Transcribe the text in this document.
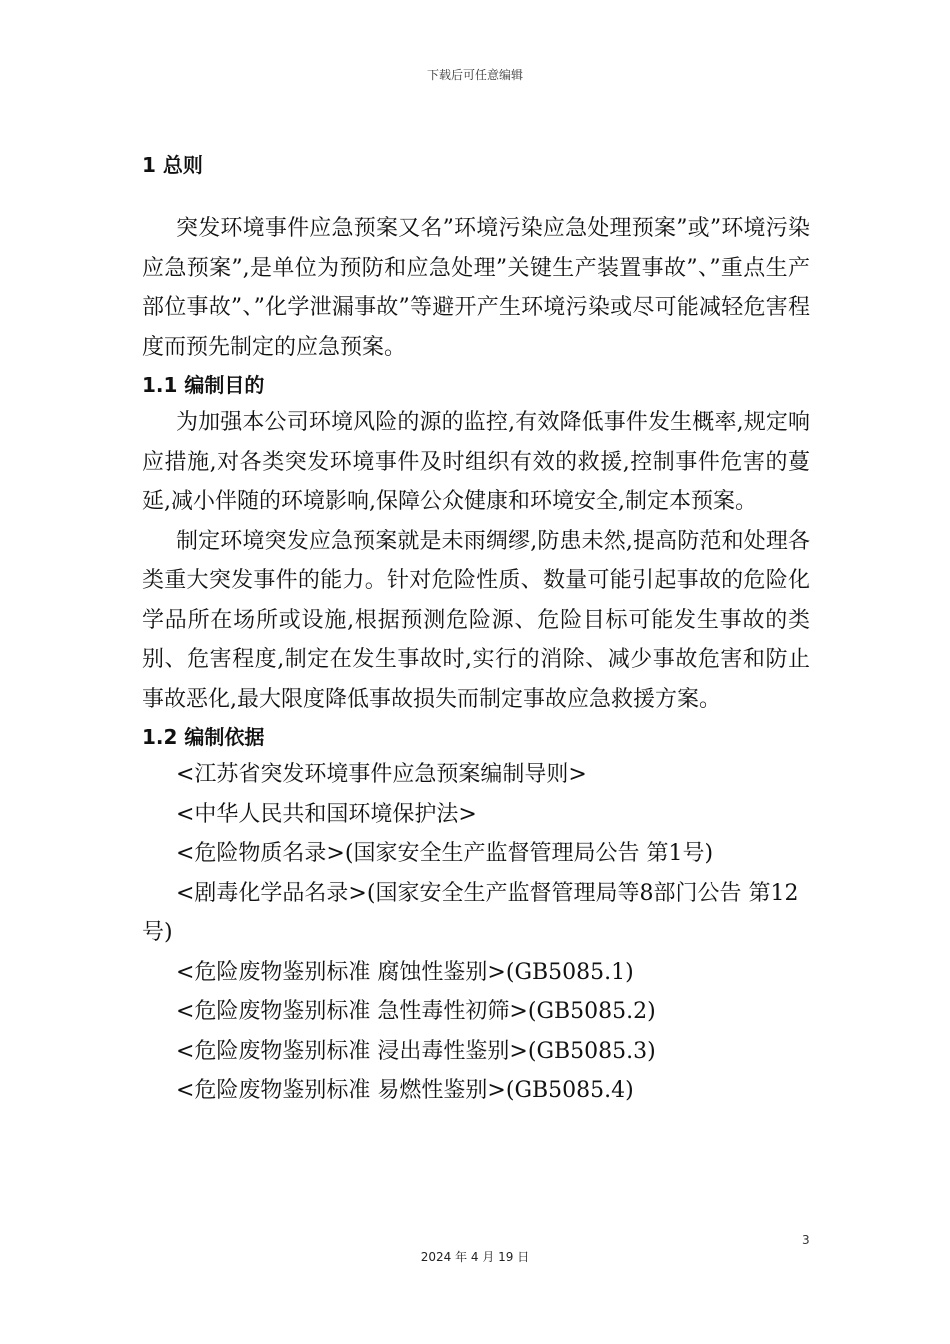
下载后可任意编辑
1 总则

突发环境事件应急预案又名”环境污染应急处理预案”或”环境污染应急预案”,是单位为预防和应急处理”关键生产装置事故”、”重点生产部位事故”、”化学泄漏事故”等避开产生环境污染或尽可能减轻危害程度而预先制定的应急预案。

1.1 编制目的

为加强本公司环境风险的源的监控,有效降低事件发生概率,规定响应措施,对各类突发环境事件及时组织有效的救援,控制事件危害的蔓延,减小伴随的环境影响,保障公众健康和环境安全,制定本预案。

制定环境突发应急预案就是未雨绸缪,防患未然,提高防范和处理各类重大突发事件的能力。针对危险性质、数量可能引起事故的危险化学品所在场所或设施,根据预测危险源、危险目标可能发生事故的类别、危害程度,制定在发生事故时,实行的消除、减少事故危害和防止事故恶化,最大限度降低事故损失而制定事故应急救援方案。

1.2 编制依据

<江苏省突发环境事件应急预案编制导则>

<中华人民共和国环境保护法>

<危险物质名录>(国家安全生产监督管理局公告 第1号)

<剧毒化学品名录>(国家安全生产监督管理局等8部门公告 第12号)

<危险废物鉴别标准 腐蚀性鉴别>(GB5085.1)

<危险废物鉴别标准 急性毒性初筛>(GB5085.2)

<危险废物鉴别标准 浸出毒性鉴别>(GB5085.3)

<危险废物鉴别标准 易燃性鉴别>(GB5085.4)

3
2024 年 4 月 19 日
